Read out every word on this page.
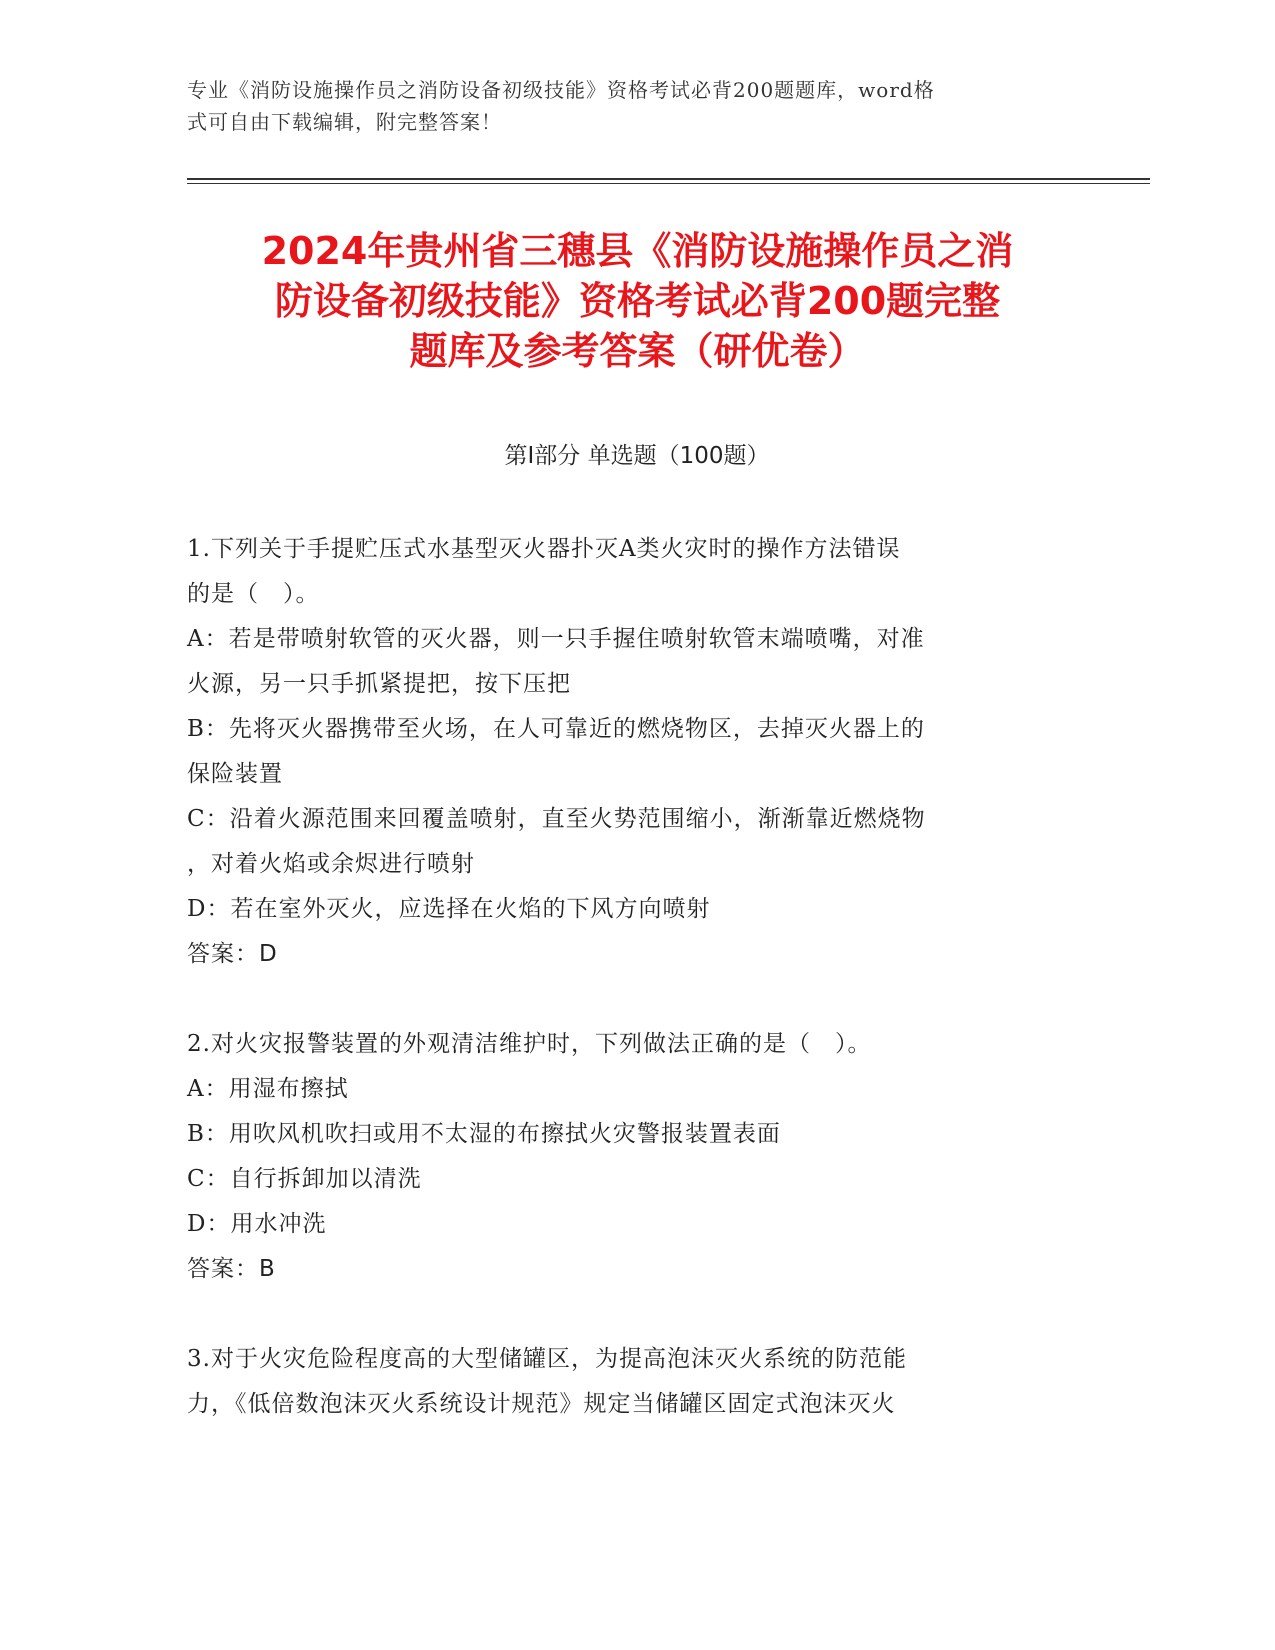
专业《消防设施操作员之消防设备初级技能》资格考试必背200题题库，word格
式可自由下载编辑，附完整答案！
2024年贵州省三穗县《消防设施操作员之消
防设备初级技能》资格考试必背200题完整
题库及参考答案（研优卷）
第Ⅰ部分 单选题（100题）

1.下列关于手提贮压式水基型灭火器扑灭A类火灾时的操作方法错误

的是（　）。

A：若是带喷射软管的灭火器，则一只手握住喷射软管末端喷嘴，对准

火源，另一只手抓紧提把，按下压把

B：先将灭火器携带至火场，在人可靠近的燃烧物区，去掉灭火器上的

保险装置

C：沿着火源范围来回覆盖喷射，直至火势范围缩小，渐渐靠近燃烧物

，对着火焰或余烬进行喷射

D：若在室外灭火，应选择在火焰的下风方向喷射

答案：D

2.对火灾报警装置的外观清洁维护时，下列做法正确的是（　）。

A：用湿布擦拭

B：用吹风机吹扫或用不太湿的布擦拭火灾警报装置表面

C：自行拆卸加以清洗

D：用水冲洗

答案：B

3.对于火灾危险程度高的大型储罐区，为提高泡沫灭火系统的防范能

力，《低倍数泡沫灭火系统设计规范》规定当储罐区固定式泡沫灭火
